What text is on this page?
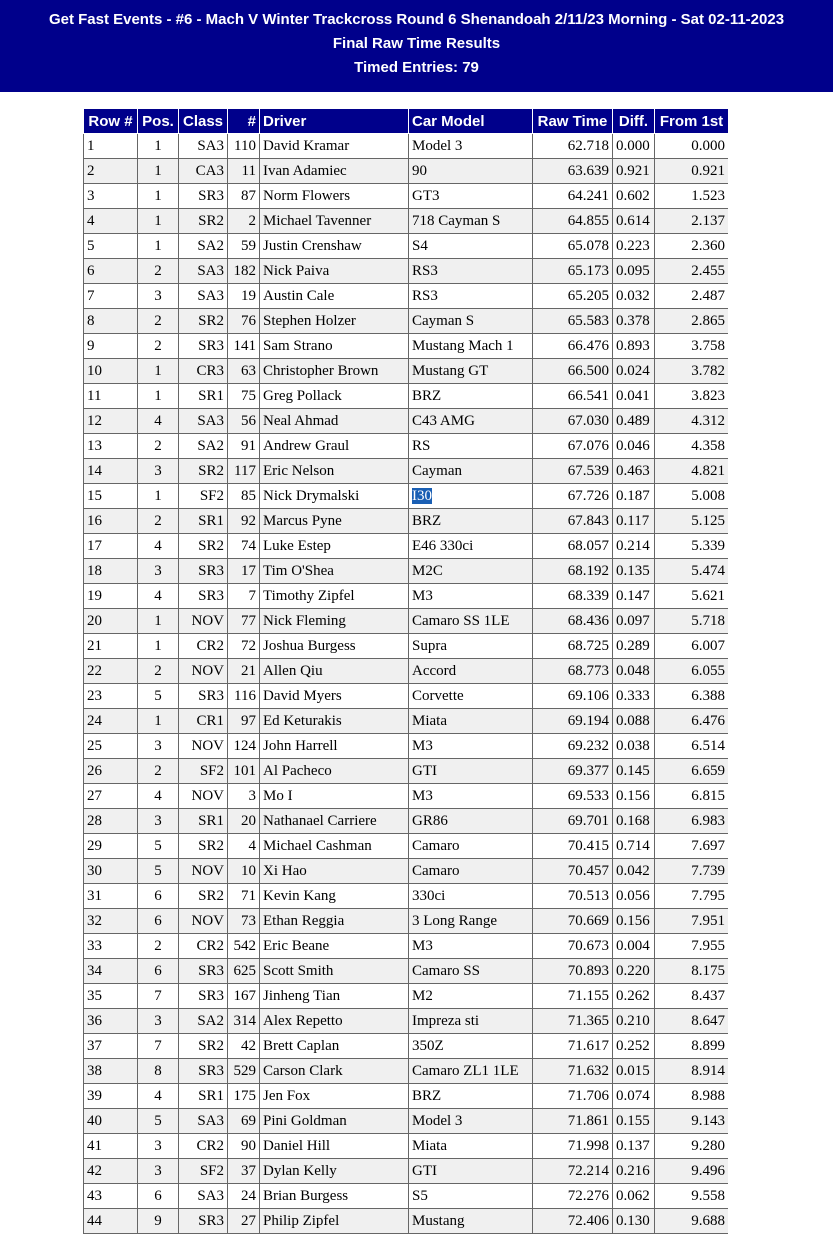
Get Fast Events - #6 - Mach V Winter Trackcross Round 6 Shenandoah 2/11/23 Morning - Sat 02-11-2023
Final Raw Time Results
Timed Entries: 79
Row #	Pos.	Class	#	Driver	Car Model	Raw Time	Diff.	From 1st
1	1	SA3	110	David Kramar	Model 3	62.718	0.000	0.000
2	1	CA3	11	Ivan Adamiec	90	63.639	0.921	0.921
3	1	SR3	87	Norm Flowers	GT3	64.241	0.602	1.523
4	1	SR2	2	Michael Tavenner	718 Cayman S	64.855	0.614	2.137
5	1	SA2	59	Justin Crenshaw	S4	65.078	0.223	2.360
6	2	SA3	182	Nick Paiva	RS3	65.173	0.095	2.455
7	3	SA3	19	Austin Cale	RS3	65.205	0.032	2.487
8	2	SR2	76	Stephen Holzer	Cayman S	65.583	0.378	2.865
9	2	SR3	141	Sam Strano	Mustang Mach 1	66.476	0.893	3.758
10	1	CR3	63	Christopher Brown	Mustang GT	66.500	0.024	3.782
11	1	SR1	75	Greg Pollack	BRZ	66.541	0.041	3.823
12	4	SA3	56	Neal Ahmad	C43 AMG	67.030	0.489	4.312
13	2	SA2	91	Andrew Graul	RS	67.076	0.046	4.358
14	3	SR2	117	Eric Nelson	Cayman	67.539	0.463	4.821
15	1	SF2	85	Nick Drymalski	I30	67.726	0.187	5.008
16	2	SR1	92	Marcus Pyne	BRZ	67.843	0.117	5.125
17	4	SR2	74	Luke Estep	E46 330ci	68.057	0.214	5.339
18	3	SR3	17	Tim O'Shea	M2C	68.192	0.135	5.474
19	4	SR3	7	Timothy Zipfel	M3	68.339	0.147	5.621
20	1	NOV	77	Nick Fleming	Camaro SS 1LE	68.436	0.097	5.718
21	1	CR2	72	Joshua Burgess	Supra	68.725	0.289	6.007
22	2	NOV	21	Allen Qiu	Accord	68.773	0.048	6.055
23	5	SR3	116	David Myers	Corvette	69.106	0.333	6.388
24	1	CR1	97	Ed Keturakis	Miata	69.194	0.088	6.476
25	3	NOV	124	John Harrell	M3	69.232	0.038	6.514
26	2	SF2	101	Al Pacheco	GTI	69.377	0.145	6.659
27	4	NOV	3	Mo I	M3	69.533	0.156	6.815
28	3	SR1	20	Nathanael Carriere	GR86	69.701	0.168	6.983
29	5	SR2	4	Michael Cashman	Camaro	70.415	0.714	7.697
30	5	NOV	10	Xi Hao	Camaro	70.457	0.042	7.739
31	6	SR2	71	Kevin Kang	330ci	70.513	0.056	7.795
32	6	NOV	73	Ethan Reggia	3 Long Range	70.669	0.156	7.951
33	2	CR2	542	Eric Beane	M3	70.673	0.004	7.955
34	6	SR3	625	Scott Smith	Camaro SS	70.893	0.220	8.175
35	7	SR3	167	Jinheng Tian	M2	71.155	0.262	8.437
36	3	SA2	314	Alex Repetto	Impreza sti	71.365	0.210	8.647
37	7	SR2	42	Brett Caplan	350Z	71.617	0.252	8.899
38	8	SR3	529	Carson Clark	Camaro ZL1 1LE	71.632	0.015	8.914
39	4	SR1	175	Jen Fox	BRZ	71.706	0.074	8.988
40	5	SA3	69	Pini Goldman	Model 3	71.861	0.155	9.143
41	3	CR2	90	Daniel Hill	Miata	71.998	0.137	9.280
42	3	SF2	37	Dylan Kelly	GTI	72.214	0.216	9.496
43	6	SA3	24	Brian Burgess	S5	72.276	0.062	9.558
44	9	SR3	27	Philip Zipfel	Mustang	72.406	0.130	9.688
